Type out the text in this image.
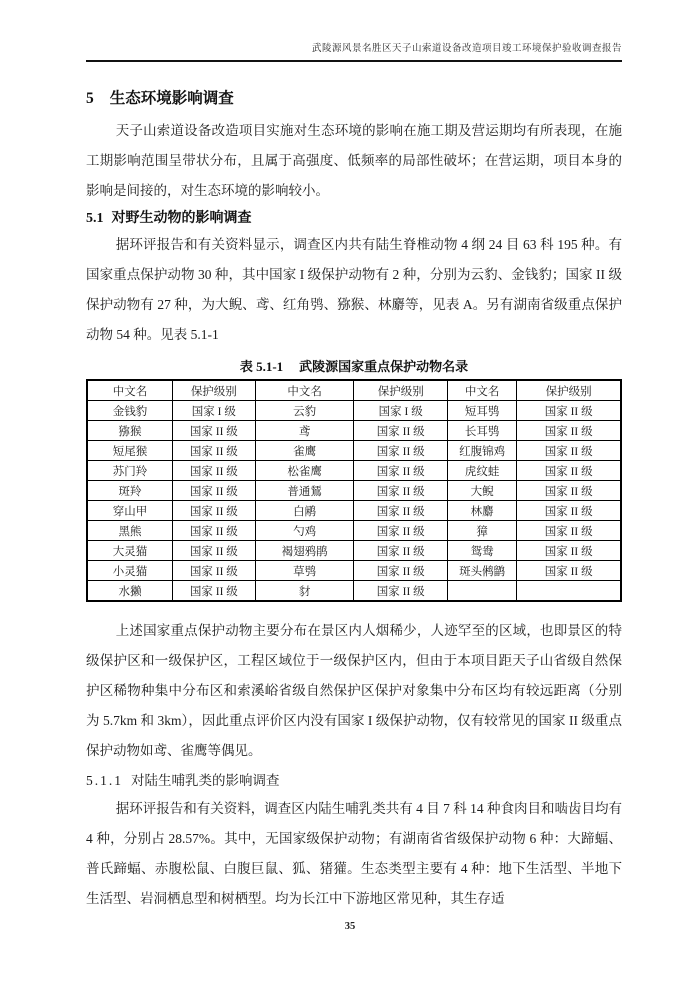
武陵源风景名胜区天子山索道设备改造项目竣工环境保护验收调查报告
5 生态环境影响调查

天子山索道设备改造项目实施对生态环境的影响在施工期及营运期均有所表现，在施工期影响范围呈带状分布，且属于高强度、低频率的局部性破坏；在营运期，项目本身的影响是间接的，对生态环境的影响较小。

5.1 对野生动物的影响调查

据环评报告和有关资料显示，调查区内共有陆生脊椎动物 4 纲 24 目 63 科 195 种。有国家重点保护动物 30 种，其中国家 I 级保护动物有 2 种，分别为云豹、金钱豹；国家 II 级保护动物有 27 种，为大鲵、鸢、红角鸮、猕猴、林麝等，见表 A。另有湖南省级重点保护动物 54 种。见表 5.1-1

表 5.1-1 武陵源国家重点保护动物名录
中文名	保护级别	中文名	保护级别	中文名	保护级别
金钱豹	国家 I 级	云豹	国家 I 级	短耳鸮	国家 II 级
猕猴	国家 II 级	鸢	国家 II 级	长耳鸮	国家 II 级
短尾猴	国家 II 级	雀鹰	国家 II 级	红腹锦鸡	国家 II 级
苏门羚	国家 II 级	松雀鹰	国家 II 级	虎纹蛙	国家 II 级
斑羚	国家 II 级	普通鵟	国家 II 级	大鲵	国家 II 级
穿山甲	国家 II 级	白鹇	国家 II 级	林麝	国家 II 级
黑熊	国家 II 级	勺鸡	国家 II 级	獐	国家 II 级
大灵猫	国家 II 级	褐翅鸦鹃	国家 II 级	鸳鸯	国家 II 级
小灵猫	国家 II 级	草鸮	国家 II 级	斑头鸺鹠	国家 II 级
水獭	国家 II 级	豺	国家 II 级		

上述国家重点保护动物主要分布在景区内人烟稀少，人迹罕至的区域，也即景区的特级保护区和一级保护区，工程区域位于一级保护区内，但由于本项目距天子山省级自然保护区稀物种集中分布区和索溪峪省级自然保护区保护对象集中分布区均有较远距离（分别为 5.7km 和 3km），因此重点评价区内没有国家 I 级保护动物，仅有较常见的国家 II 级重点保护动物如鸢、雀鹰等偶见。

5.1.1 对陆生哺乳类的影响调查

据环评报告和有关资料，调查区内陆生哺乳类共有 4 目 7 科 14 种食肉目和啮齿目均有 4 种，分别占 28.57%。其中，无国家级保护动物；有湖南省省级保护动物 6 种：大蹄蝠、普氏蹄蝠、赤腹松鼠、白腹巨鼠、狐、猪獾。生态类型主要有 4 种：地下生活型、半地下生活型、岩洞栖息型和树栖型。均为长江中下游地区常见种，其生存适

35
